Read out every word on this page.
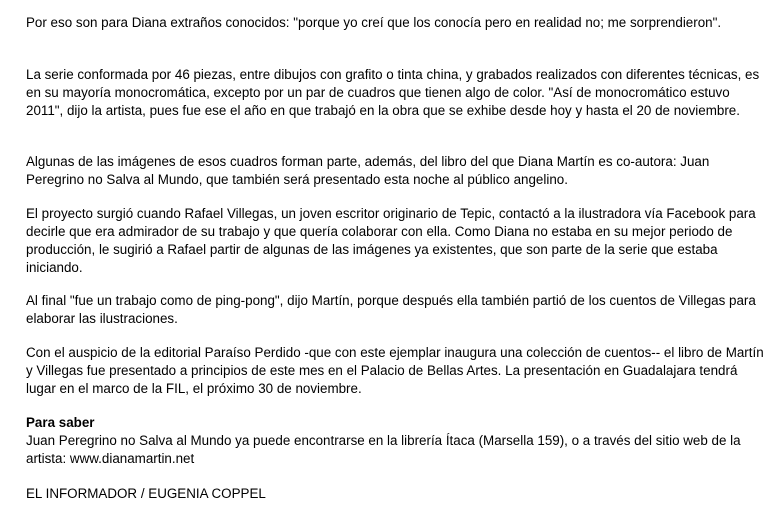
Por eso son para Diana extraños conocidos: "porque yo creí que los conocía pero en realidad no; me sorprendieron".

La serie conformada por 46 piezas, entre dibujos con grafito o tinta china, y grabados realizados con diferentes técnicas, es en su mayoría monocromática, excepto por un par de cuadros que tienen algo de color. "Así de monocromático estuvo 2011", dijo la artista, pues fue ese el año en que trabajó en la obra que se exhibe desde hoy y hasta el 20 de noviembre.

Algunas de las imágenes de esos cuadros forman parte, además, del libro del que Diana Martín es co-autora: Juan Peregrino no Salva al Mundo, que también será presentado esta noche al público angelino.

El proyecto surgió cuando Rafael Villegas, un joven escritor originario de Tepic, contactó a la ilustradora vía Facebook para decirle que era admirador de su trabajo y que quería colaborar con ella. Como Diana no estaba en su mejor periodo de producción, le sugirió a Rafael partir de algunas de las imágenes ya existentes, que son parte de la serie que estaba iniciando.

Al final "fue un trabajo como de ping-pong", dijo Martín, porque después ella también partió de los cuentos de Villegas para elaborar las ilustraciones.

Con el auspicio de la editorial Paraíso Perdido -que con este ejemplar inaugura una colección de cuentos-- el libro de Martín y Villegas fue presentado a principios de este mes en el Palacio de Bellas Artes. La presentación en Guadalajara tendrá lugar en el marco de la FIL, el próximo 30 de noviembre.

Para saber

Juan Peregrino no Salva al Mundo ya puede encontrarse en la librería Ítaca (Marsella 159), o a través del sitio web de la artista: www.dianamartin.net

EL INFORMADOR / EUGENIA COPPEL
